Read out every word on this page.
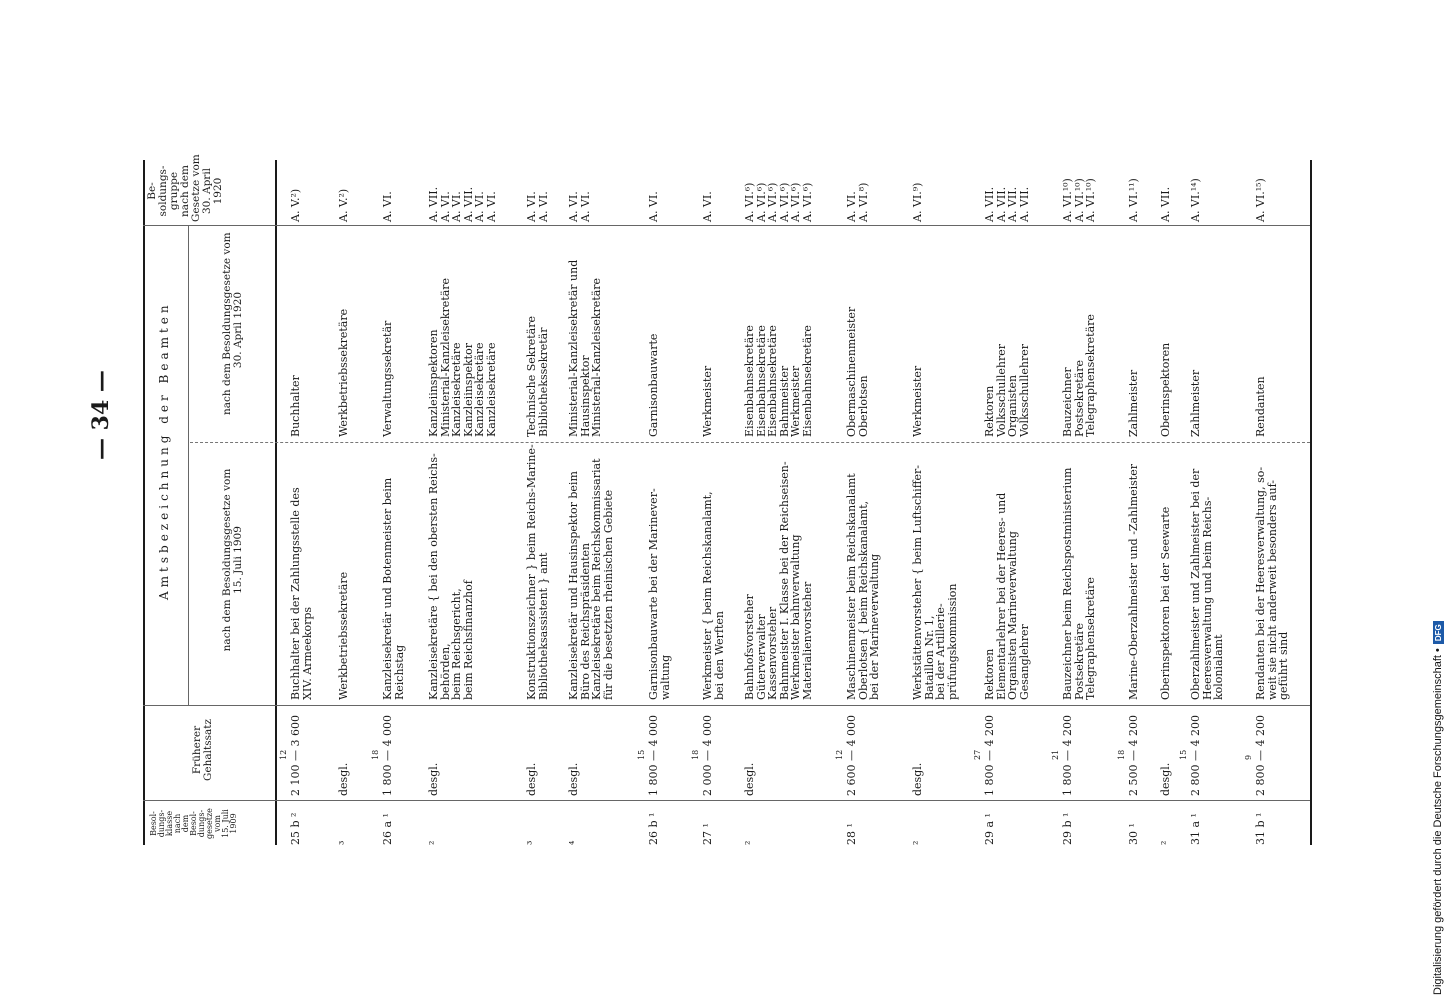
Digitalisierung gefördert durch die Deutsche Forschungsgemeinschaft •DFG
— 34 —
Besol- dungs- klasse nach dem Besol- dungs- gesetze vom 15. Juli 1909
Früherer Gehaltssatz
Amtsbezeichnung der Beamten	nach dem Besoldungsgesetze vom 15. Juli 1909
nach dem Besoldungsgesetze vom 30. April 1920
Be- soldungs- gruppe nach dem Gesetze vom 30. April 1920
25 b ²
2 100 — 3 600
12
Buchhalter bei der Zahlungsstelle des
XIV. Armeekorps
Buchhalter
A. V.²)
³
desgl.
Werkbetriebssekretäre
Werkbetriebssekretäre
A. V.²)
26 a ¹
1 800 — 4 000
18
Kanzleisekretär und Botenmeister beim
Reichstag
Verwaltungssekretär
A. VI.
²
desgl.
Kanzleisekretäre { bei den obersten Reichs-
behörden,
beim Reichsgericht,
beim Reichsfinanzhof
Kanzleiinspektoren
Ministerial-Kanzleisekretäre
Kanzleisekretäre
Kanzleiinspektor
Kanzleisekretäre
Kanzleisekretäre
A. VII.
A. VI.
A. VI.
A. VII.
A. VI.
A. VI.
³
desgl.
Konstruktionszeichner } beim Reichs-Marine-
Bibliotheksassistent } amt
Technische Sekretäre
Bibliothekssekretär
A. VI.
A. VI.
⁴
desgl.
Kanzleisekretär und Hausinspektor beim
Büro des Reichspräsidenten
Kanzleisekretäre beim Reichskommissariat
für die besetzten rheinischen Gebiete
Ministerial-Kanzleisekretär und
Hausinspektor
Ministerial-Kanzleisekretäre
A. VI.
A. VI.
26 b ¹
1 800 — 4 000
15
Garnisonbauwarte bei der Marinever-
waltung
Garnisonbauwarte
A. VI.
27 ¹
2 000 — 4 000
18
Werkmeister { beim Reichskanalamt,
bei den Werften
Werkmeister
A. VI.
²
desgl.
Bahnhofsvorsteher
Güterverwalter
Kassenvorsteher
Bahnmeister I. Klasse bei der Reichseisen-
Werkmeister bahnverwaltung
Materialienvorsteher
Eisenbahnsekretäre
Eisenbahnsekretäre
Eisenbahnsekretäre
Bahnmeister
Werkmeister
Eisenbahnsekretäre
A. VI.⁶)
A. VI.⁶)
A. VI.⁶)
A. VI.⁶)
A. VI.⁶)
A. VI.⁶)
28 ¹
2 600 — 4 000
12
Maschinenmeister beim Reichskanalamt
Oberlotsen { beim Reichskanalamt,
bei der Marineverwaltung
Obermaschinenmeister
Oberlotsen
A. VI.
A. VI.⁸)
²
desgl.
Werkstättenvorsteher { beim Luftschiffer-
Bataillon Nr. 1,
bei der Artillerie-
prüfungskommission
Werkmeister
A. VI.⁹)
29 a ¹
1 800 — 4 200
27
Rektoren
Elementarlehrer bei der Heeres- und
Organisten Marineverwaltung
Gesanglehrer
Rektoren
Volksschullehrer
Organisten
Volksschullehrer
A. VII.
A. VII.
A. VII.
A. VII.
29 b ¹
1 800 — 4 200
21
Bauzeichner beim Reichspostministerium
Postsekretäre
Telegraphensekretäre
Bauzeichner
Postsekretäre
Telegraphensekretäre
A. VI.¹⁰)
A. VI.¹⁰)
A. VI.¹⁰)
30 ¹
2 500 — 4 200
18
Marine-Oberzahlmeister und -Zahlmeister
Zahlmeister
A. VI.¹¹)
²
desgl.
Oberinspektoren bei der Seewarte
Oberinspektoren
A. VII.
31 a ¹
2 800 — 4 200
15
Oberzahlmeister und Zahlmeister bei der
Heeresverwaltung und beim Reichs-
kolonialamt
Zahlmeister
A. VI.¹⁴)
31 b ¹
2 800 — 4 200
9
Rendanten bei der Heeresverwaltung, so-
weit sie nicht anderweit besonders auf-
geführt sind
Rendanten
A. VI.¹⁵)
